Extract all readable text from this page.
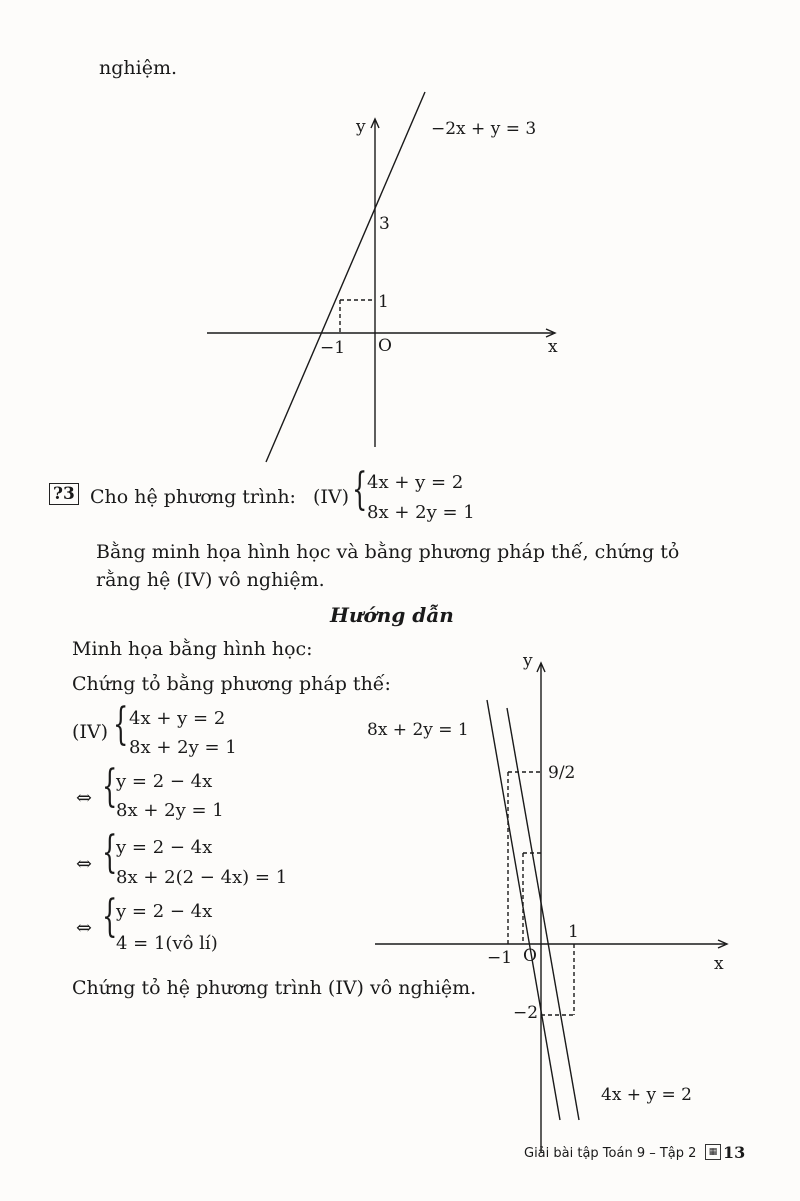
nghiệm.
y	−2x + y = 3
3
1
−1 O	x
?3 Cho hệ phương trình: (IV) { 4x + y = 2
8x + 2y = 1
Bằng minh họa hình học và bằng phương pháp thế, chứng tỏ
rằng hệ (IV) vô nghiệm.
Hướng dẫn
Minh họa bằng hình học:
Chứng tỏ bằng phương pháp thế:
(IV) { 4x + y = 2
8x + 2y = 1
⇔ {
y = 2 − 4x
8x + 2y = 1
⇔ {
y = 2 − 4x
8x + 2(2 − 4x) = 1
⇔ {
y = 2 − 4x
4 = 1(vô lí)
Chứng tỏ hệ phương trình (IV) vô nghiệm.
y
8x + 2y = 1
9/2
1
−1 O	x
−2
4x + y = 2
Giải bài tập Toán 9 – Tập 2	▦ 13
